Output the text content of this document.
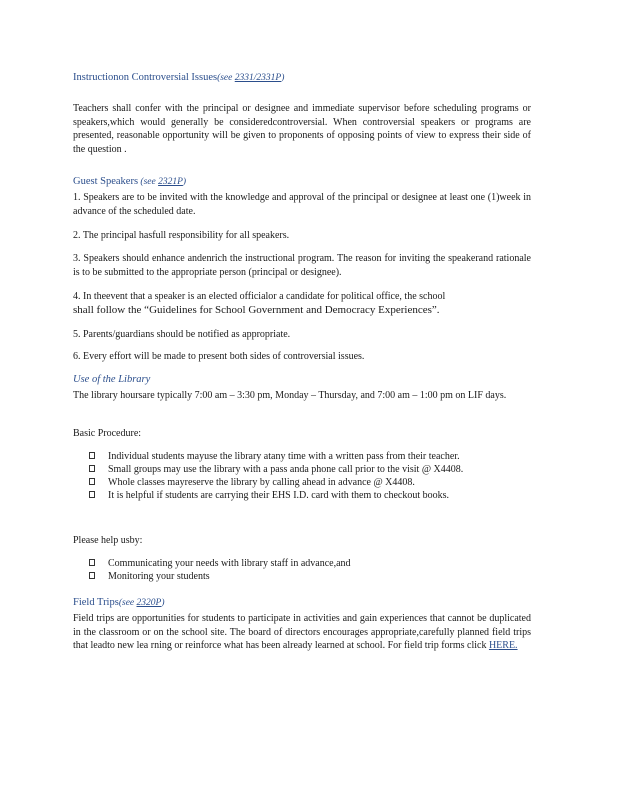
Instructionon Controversial Issues(see 2331/2331P)

Teachers shall confer with the principal or designee and immediate supervisor before scheduling programs or speakers,which would generally be consideredcontroversial. When controversial speakers or programs are presented, reasonable opportunity will be given to proponents of opposing points of view to express their side of the question .

Guest Speakers (see 2321P)

1. Speakers are to be invited with the knowledge and approval of the principal or designee at least one (1)week in advance of the scheduled date.

2. The principal hasfull responsibility for all speakers.

3. Speakers should enhance andenrich the instructional program. The reason for inviting the speakerand rationale is to be submitted to the appropriate person (principal or designee).

4. In theevent that a speaker is an elected officialor a candidate for political office, the school

shall follow the “Guidelines for School Government and Democracy Experiences”.

5. Parents/guardians should be notified as appropriate.

6. Every effort will be made to present both sides of controversial issues.

Use of the Library

The library hoursare typically 7:00 am – 3:30 pm, Monday – Thursday, and 7:00 am – 1:00 pm on LIF days.

Basic Procedure:

Individual students mayuse the library atany time with a written pass from their teacher.
Small groups may use the library with a pass anda phone call prior to the visit @ X4408.
Whole classes mayreserve the library by calling ahead in advance @ X4408.
It is helpful if students are carrying their EHS I.D. card with them to checkout books.

Please help usby:

Communicating your needs with library staff in advance,and
Monitoring your students
Field Trips(see 2320P)

Field trips are opportunities for students to participate in activities and gain experiences that cannot be duplicated in the classroom or on the school site. The board of directors encourages appropriate,carefully planned field trips that leadto new lea rning or reinforce what has been already learned at school. For field trip forms click HERE.
